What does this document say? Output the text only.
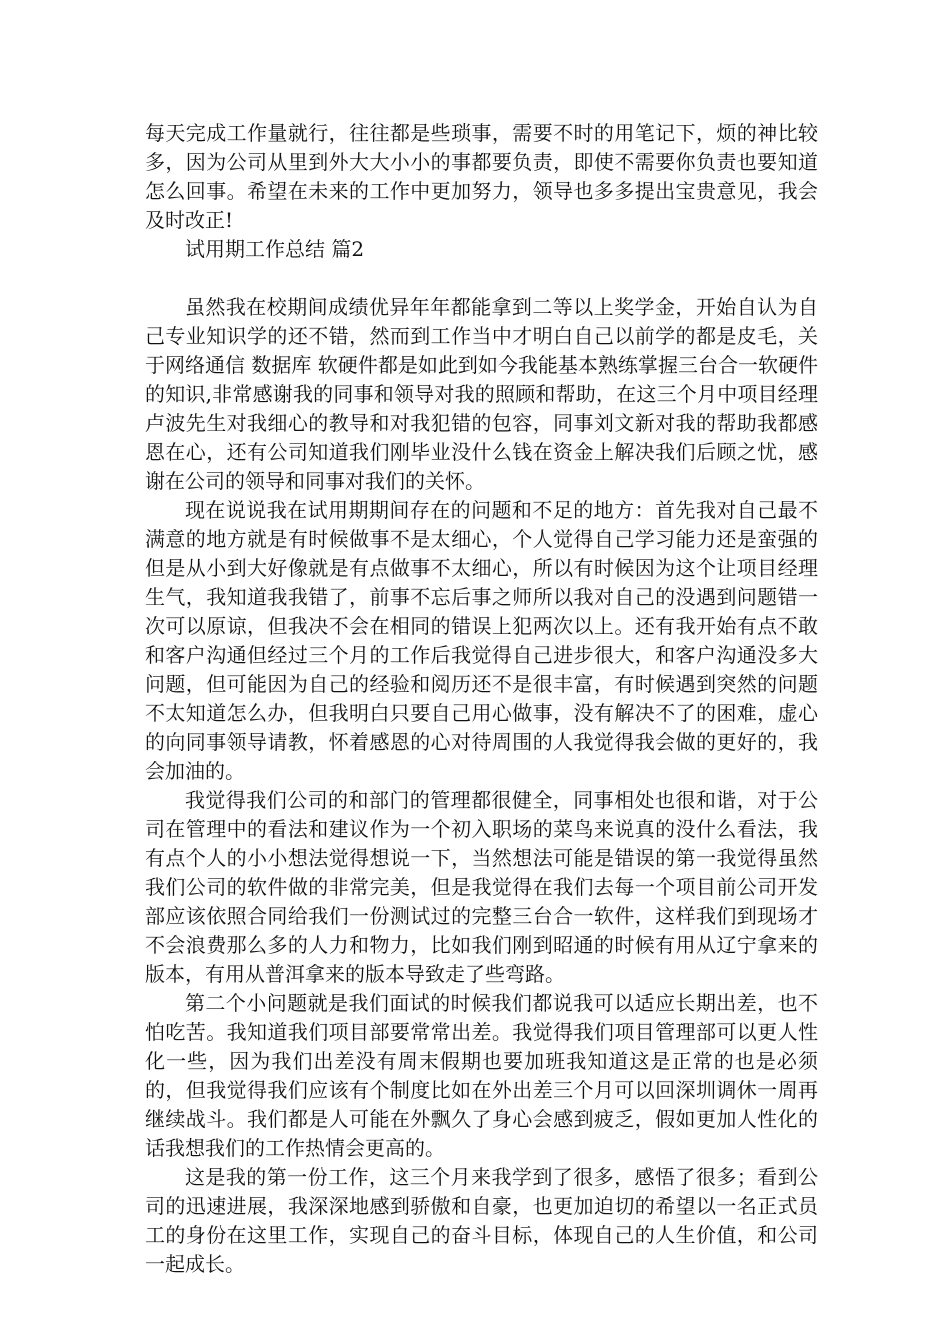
每天完成工作量就行，往往都是些琐事，需要不时的用笔记下，烦的神比较多，因为公司从里到外大大小小的事都要负责，即使不需要你负责也要知道怎么回事。希望在未来的工作中更加努力，领导也多多提出宝贵意见，我会及时改正!

试用期工作总结 篇2

虽然我在校期间成绩优异年年都能拿到二等以上奖学金，开始自认为自己专业知识学的还不错，然而到工作当中才明白自己以前学的都是皮毛，关于网络通信 数据库 软硬件都是如此到如今我能基本熟练掌握三台合一软硬件的知识,非常感谢我的同事和领导对我的照顾和帮助，在这三个月中项目经理卢波先生对我细心的教导和对我犯错的包容，同事刘文新对我的帮助我都感恩在心，还有公司知道我们刚毕业没什么钱在资金上解决我们后顾之忧，感谢在公司的领导和同事对我们的关怀。

现在说说我在试用期期间存在的问题和不足的地方：首先我对自己最不满意的地方就是有时候做事不是太细心，个人觉得自己学习能力还是蛮强的但是从小到大好像就是有点做事不太细心，所以有时候因为这个让项目经理生气，我知道我我错了，前事不忘后事之师所以我对自己的没遇到问题错一次可以原谅，但我决不会在相同的错误上犯两次以上。还有我开始有点不敢和客户沟通但经过三个月的工作后我觉得自己进步很大，和客户沟通没多大问题，但可能因为自己的经验和阅历还不是很丰富，有时候遇到突然的问题不太知道怎么办，但我明白只要自己用心做事，没有解决不了的困难，虚心的向同事领导请教，怀着感恩的心对待周围的人我觉得我会做的更好的，我会加油的。

我觉得我们公司的和部门的管理都很健全，同事相处也很和谐，对于公司在管理中的看法和建议作为一个初入职场的菜鸟来说真的没什么看法，我有点个人的小小想法觉得想说一下，当然想法可能是错误的第一我觉得虽然我们公司的软件做的非常完美，但是我觉得在我们去每一个项目前公司开发部应该依照合同给我们一份测试过的完整三台合一软件，这样我们到现场才不会浪费那么多的人力和物力，比如我们刚到昭通的时候有用从辽宁拿来的版本，有用从普洱拿来的版本导致走了些弯路。

第二个小问题就是我们面试的时候我们都说我可以适应长期出差，也不怕吃苦。我知道我们项目部要常常出差。我觉得我们项目管理部可以更人性化一些，因为我们出差没有周末假期也要加班我知道这是正常的也是必须的，但我觉得我们应该有个制度比如在外出差三个月可以回深圳调休一周再继续战斗。我们都是人可能在外飘久了身心会感到疲乏，假如更加人性化的话我想我们的工作热情会更高的。

这是我的第一份工作，这三个月来我学到了很多，感悟了很多；看到公司的迅速进展，我深深地感到骄傲和自豪，也更加迫切的希望以一名正式员工的身份在这里工作，实现自己的奋斗目标，体现自己的人生价值，和公司一起成长。
